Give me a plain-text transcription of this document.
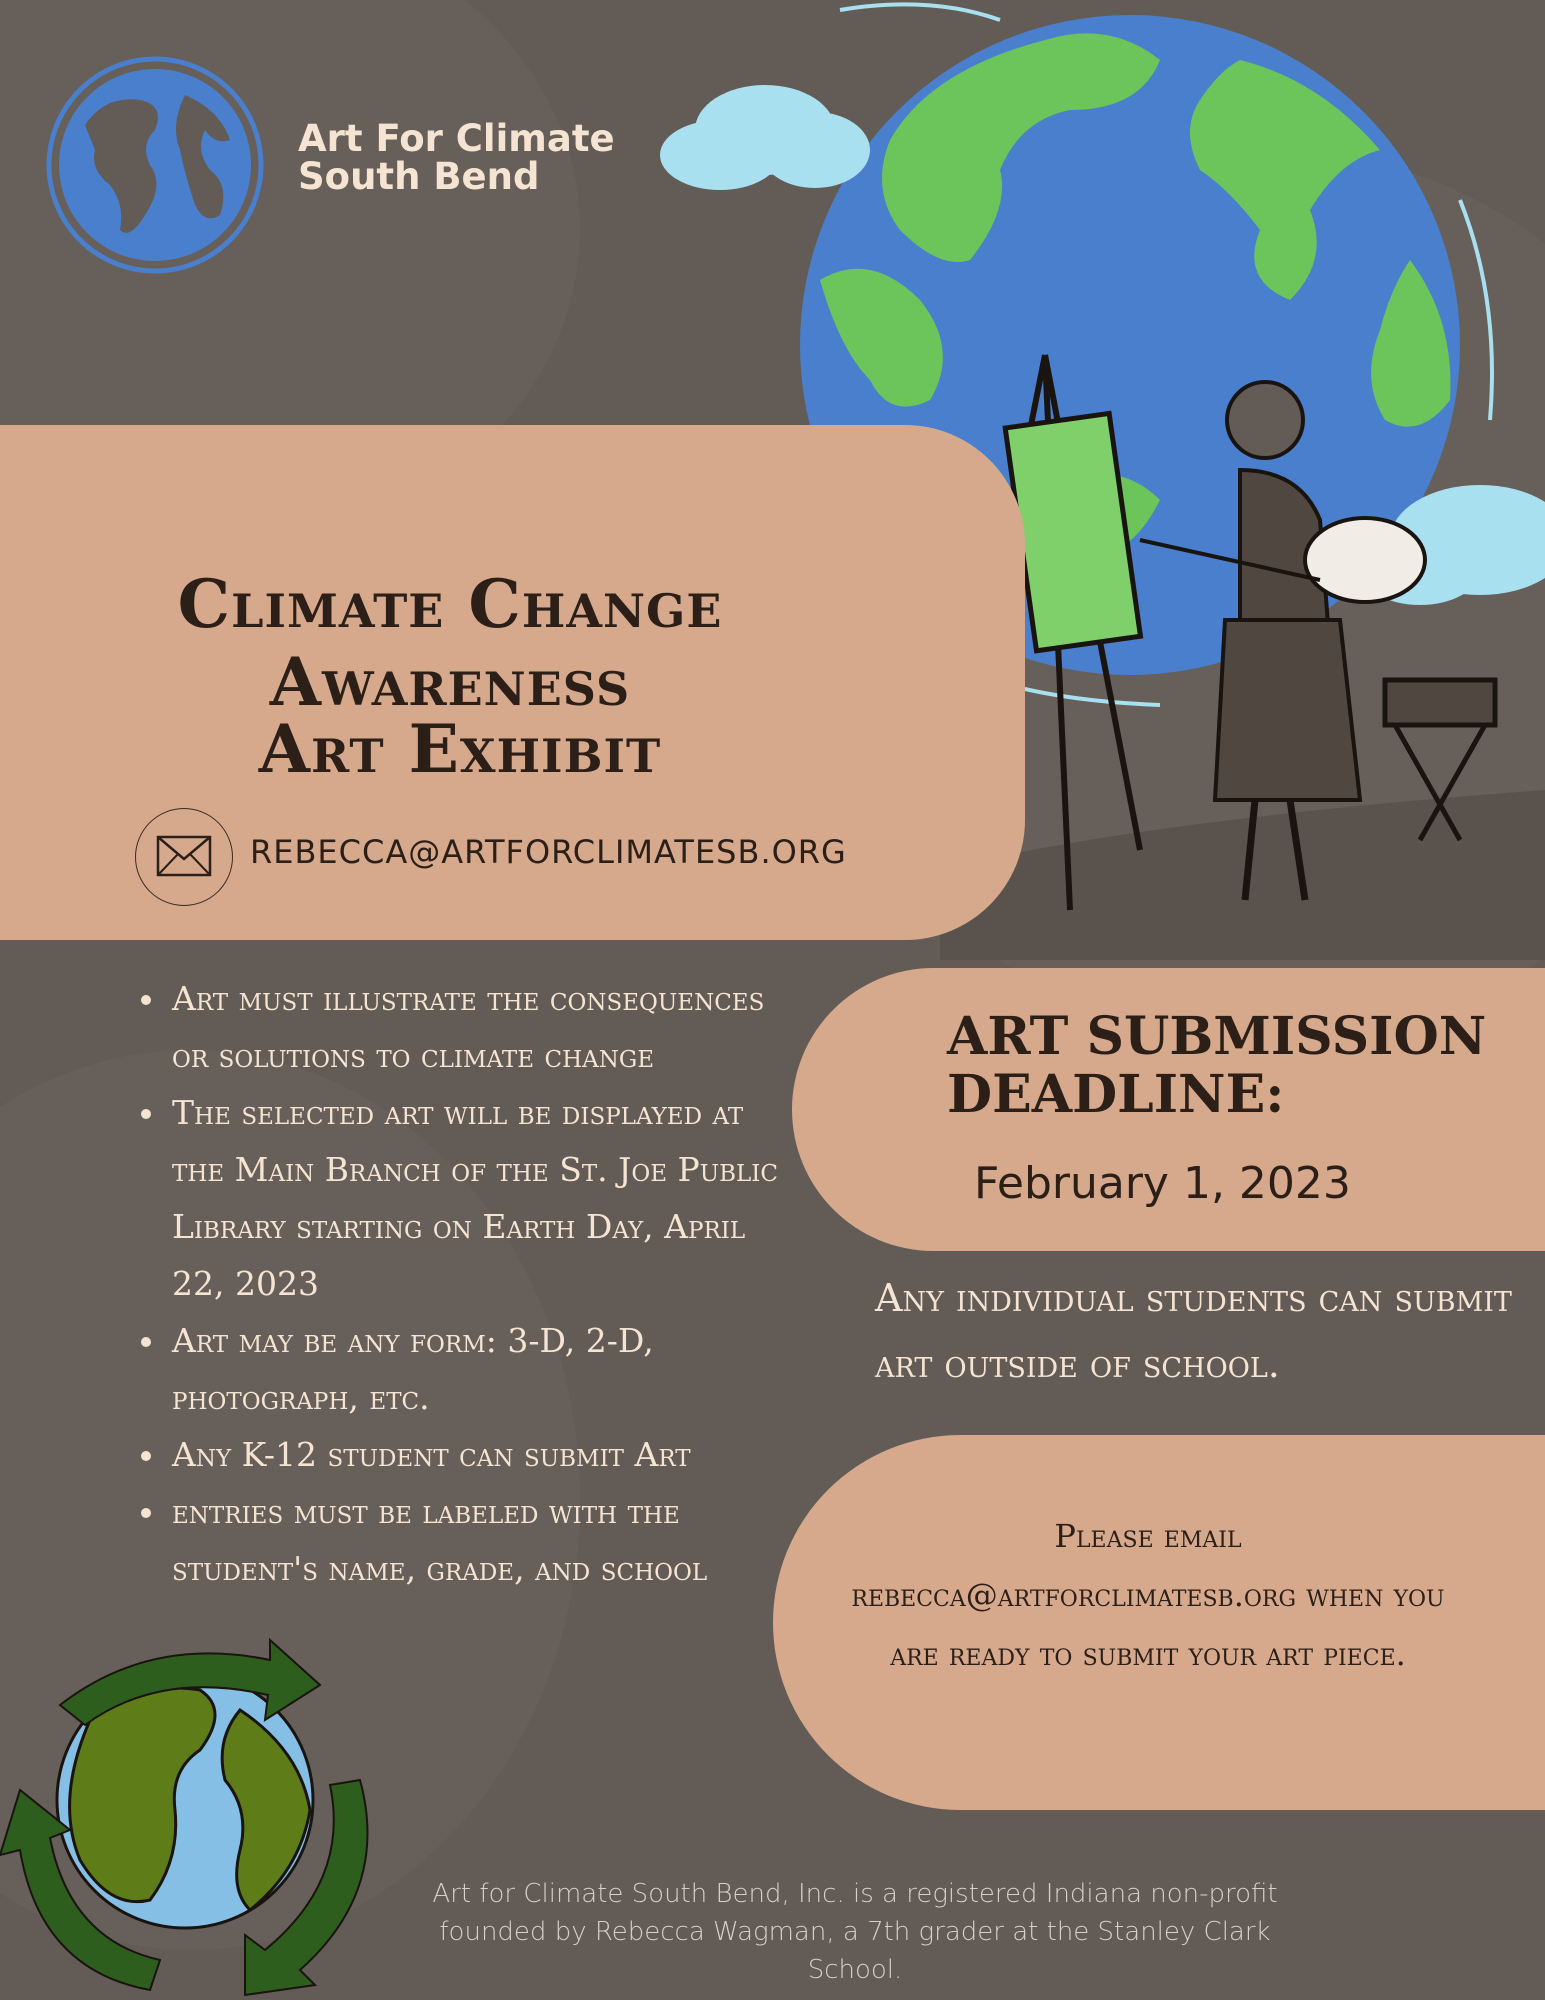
Art For Climate
South Bend

Climate Change Awareness
Art Exhibit
REBECCA@ARTFORCLIMATESB.ORG
• Art must illustrate the consequences or solutions to climate change
• The selected art will be displayed at the Main Branch of the St. Joe Public Library starting on Earth Day, April 22, 2023
• Art may be any form: 3-D, 2-D, photograph, etc.
• Any K-12 student can submit Art
• entries must be labeled with the student's name, grade, and school

ART SUBMISSION DEADLINE:

February 1, 2023

Any individual students can submit art outside of school.

Please email rebecca@artforclimatesb.org when you are ready to submit your art piece.

Art for Climate South Bend, Inc. is a registered Indiana non-profit founded by Rebecca Wagman, a 7th grader at the Stanley Clark School.
